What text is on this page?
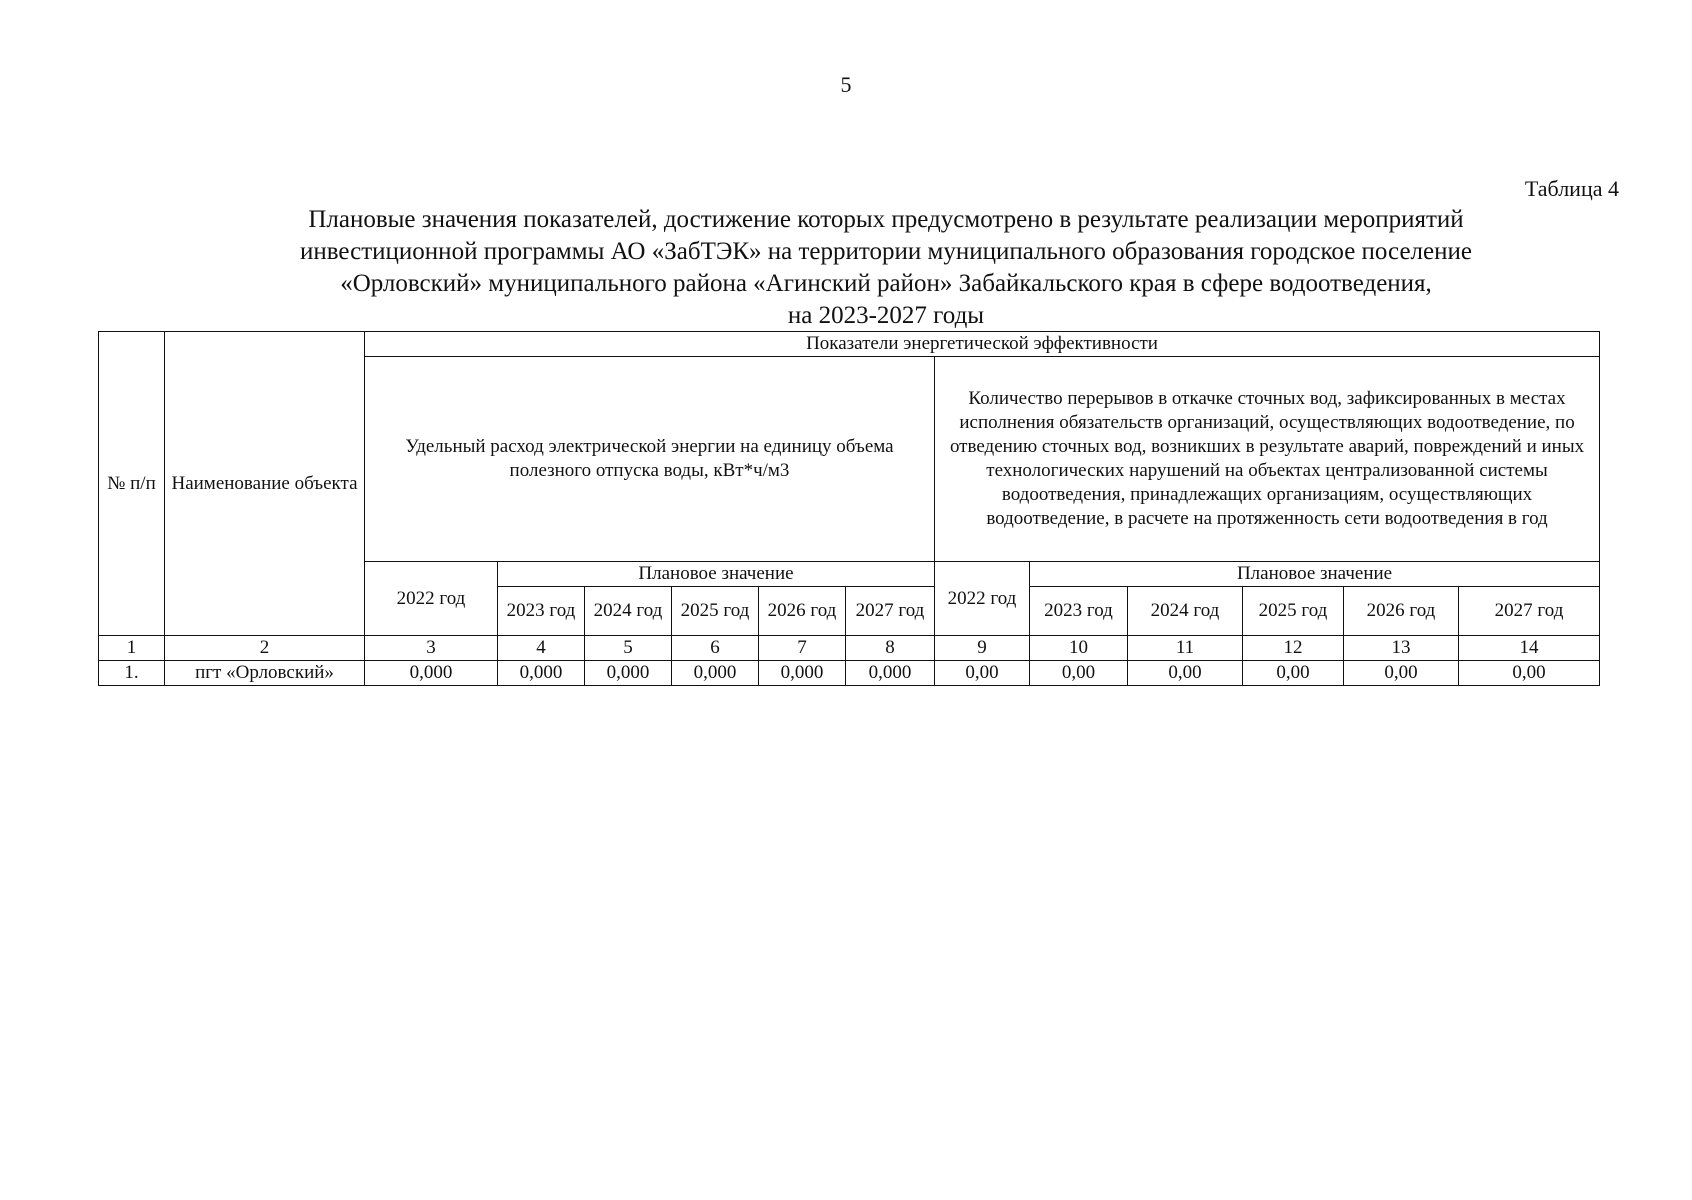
5
Таблица 4
Плановые значения показателей, достижение которых предусмотрено в результате реализации мероприятий
инвестиционной программы АО «ЗабТЭК» на территории муниципального образования городское поселение
«Орловский» муниципального района «Агинский район» Забайкальского края в сфере водоотведения,
на 2023-2027 годы
№ п/п	Наименование объекта	Показатели энергетической эффективности											
		Удельный расход электрической энергии на единицу объема полезного отпуска воды, кВт*ч/м3						Количество перерывов в откачке сточных вод, зафиксированных в местах исполнения обязательств организаций, осуществляющих водоотведение, по отведению сточных вод, возникших в результате аварий, повреждений и иных технологических нарушений на объектах централизованной системы водоотведения, принадлежащих организациям, осуществляющих водоотведение, в расчете на протяженность сети водоотведения в год					
		2022 год	Плановое значение					2022 год	Плановое значение				
			2023 год	2024 год	2025 год	2026 год	2027 год		2023 год	2024 год	2025 год	2026 год	2027 год
1	2	3	4	5	6	7	8	9	10	11	12	13	14
1.	пгт «Орловский»	0,000	0,000	0,000	0,000	0,000	0,000	0,00	0,00	0,00	0,00	0,00	0,00
